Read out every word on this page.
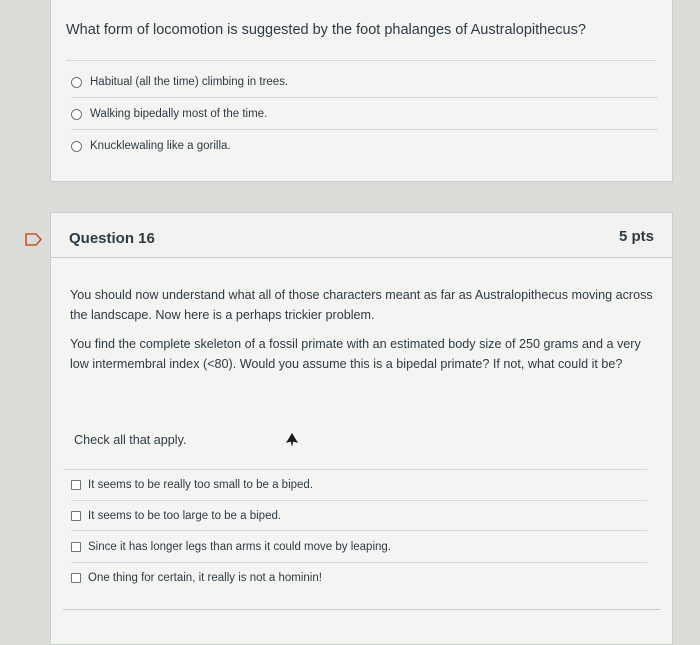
What form of locomotion is suggested by the foot phalanges of Australopithecus?
Habitual (all the time) climbing in trees.
Walking bipedally most of the time.
Knucklewaling like a gorilla.
Question 16	5 pts
You should now understand what all of those characters meant as far as Australopithecus moving across the landscape. Now here is a perhaps trickier problem.
You find the complete skeleton of a fossil primate with an estimated body size of 250 grams and a very low intermembral index (<80). Would you assume this is a bipedal primate? If not, what could it be?
Check all that apply.
It seems to be really too small to be a biped.
It seems to be too large to be a biped.
Since it has longer legs than arms it could move by leaping.
One thing for certain, it really is not a hominin!
